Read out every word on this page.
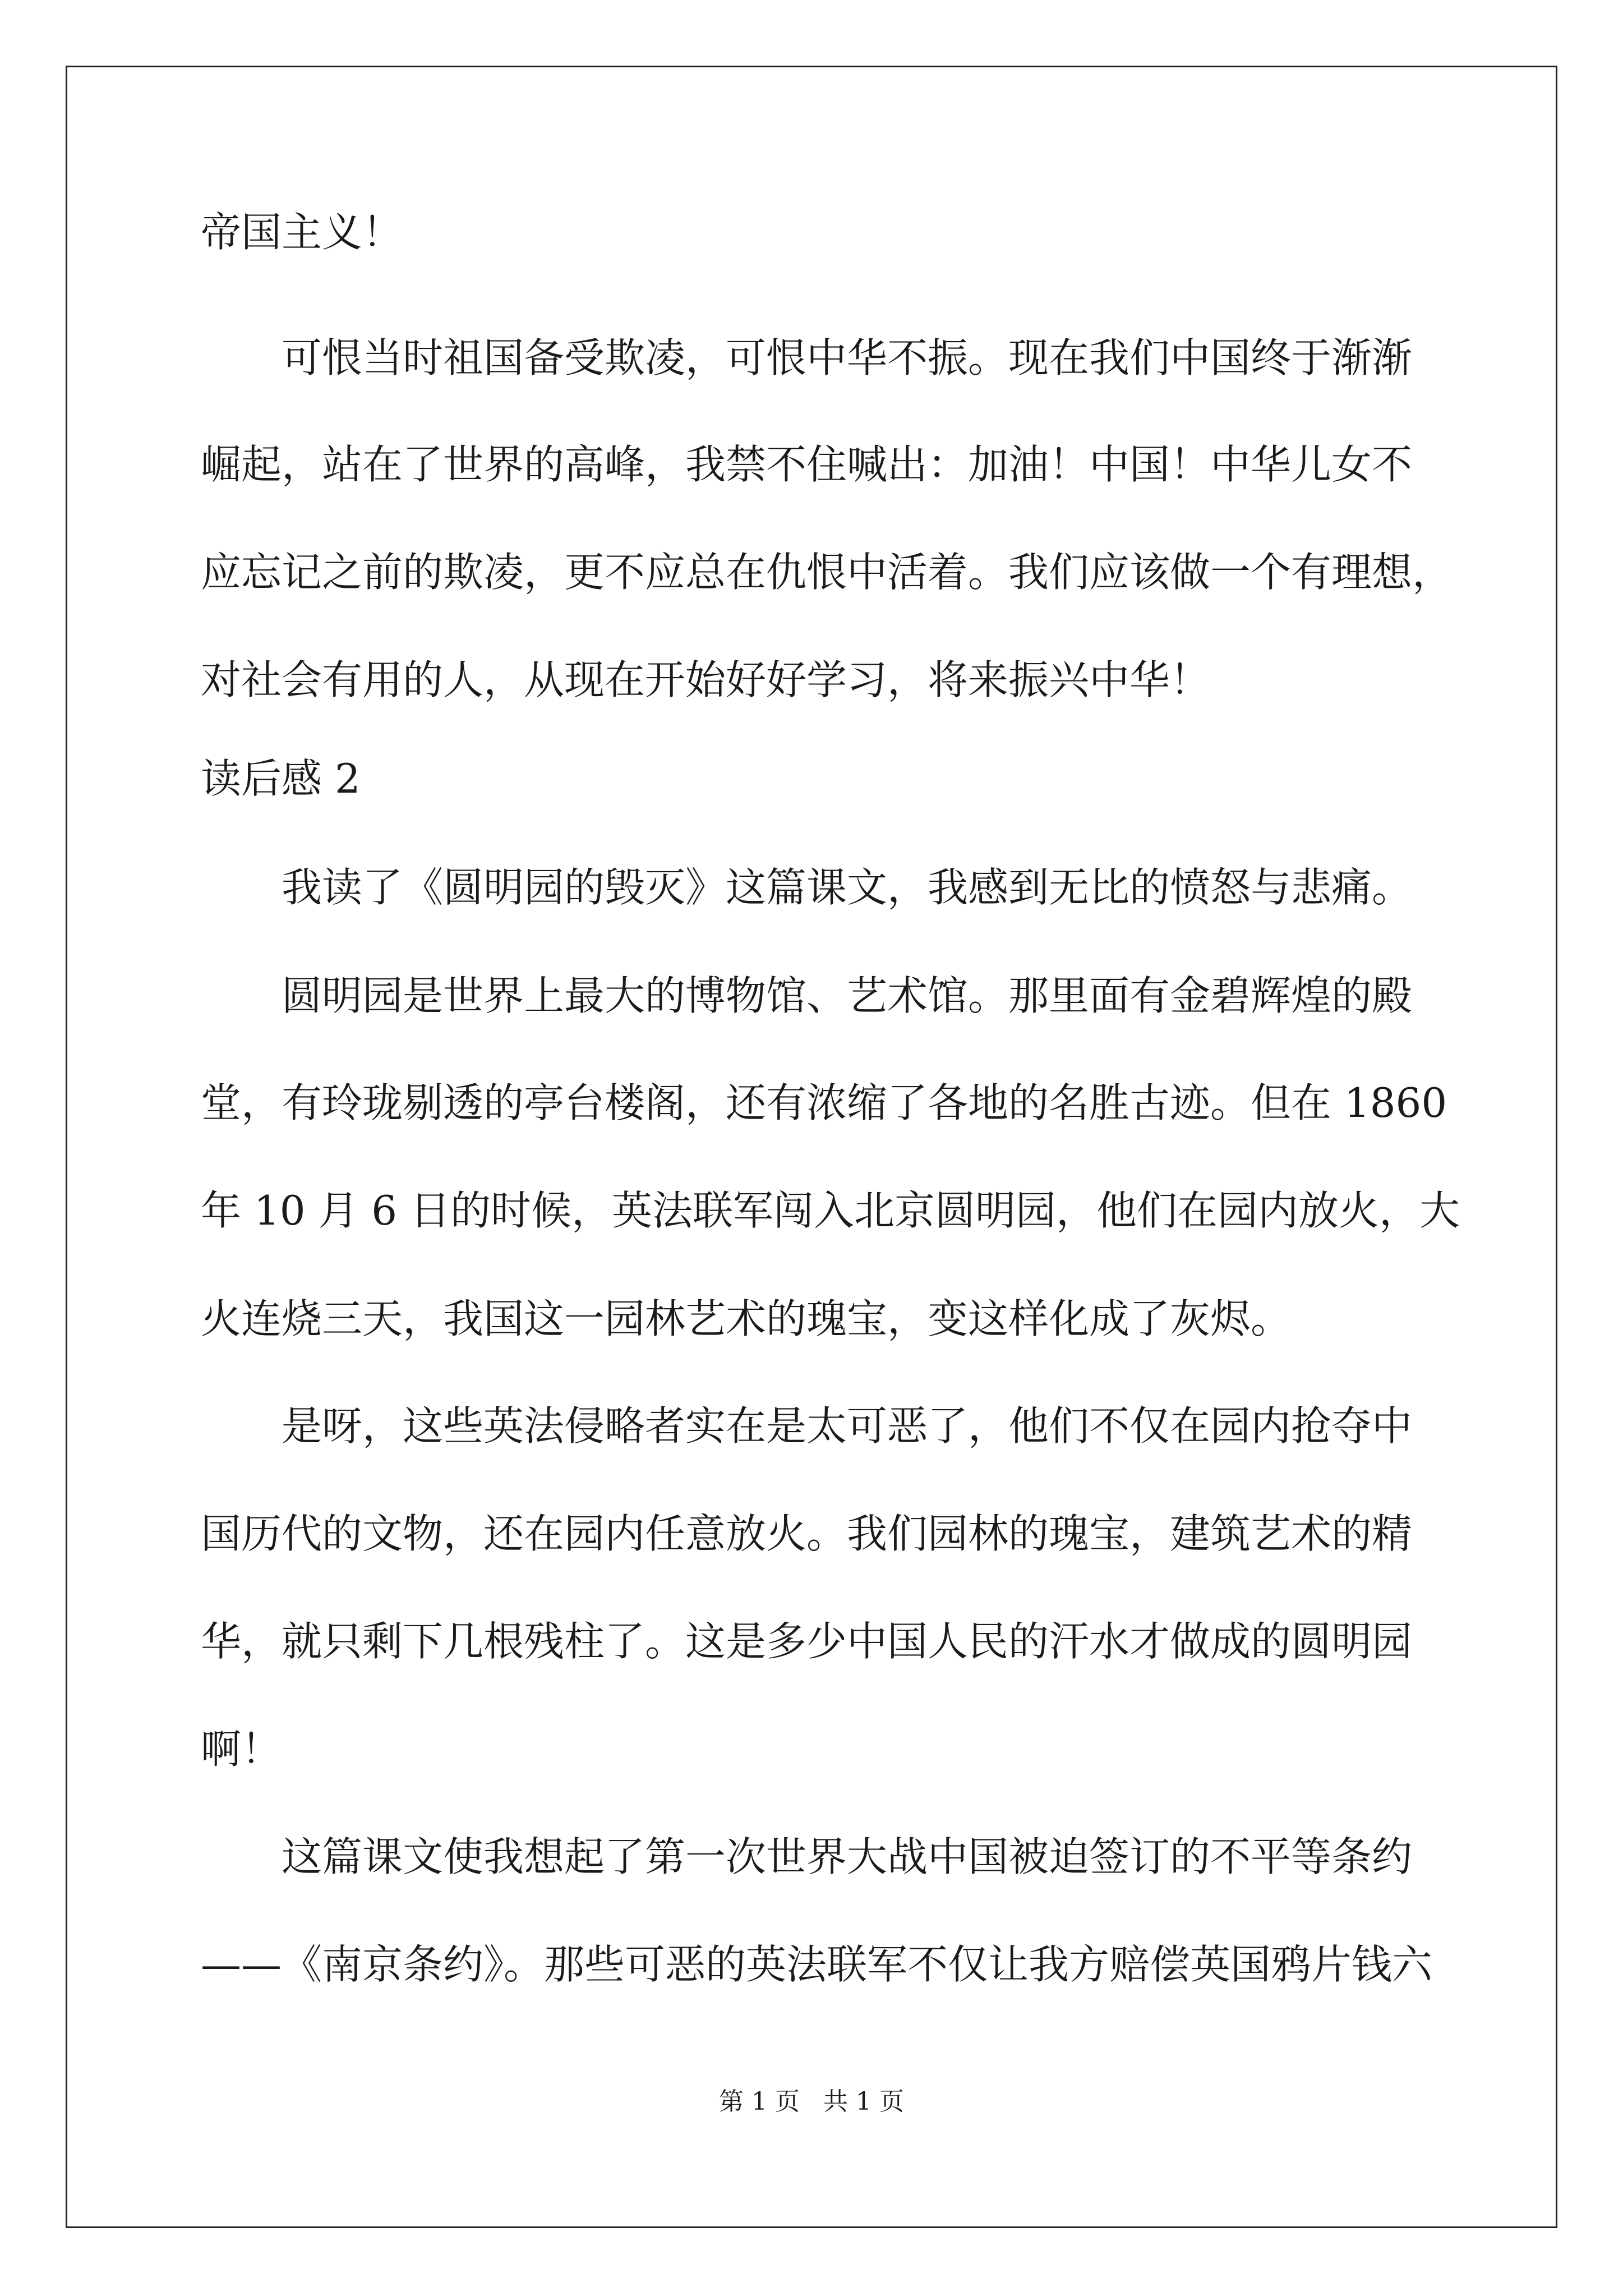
帝国主义！
可恨当时祖国备受欺凌，可恨中华不振。现在我们中国终于渐渐
崛起，站在了世界的高峰，我禁不住喊出：加油！中国！中华儿女不
应忘记之前的欺凌，更不应总在仇恨中活着。我们应该做一个有理想，
对社会有用的人，从现在开始好好学习，将来振兴中华！
读后感 2
我读了《圆明园的毁灭》这篇课文，我感到无比的愤怒与悲痛。
圆明园是世界上最大的博物馆、艺术馆。那里面有金碧辉煌的殿
堂，有玲珑剔透的亭台楼阁，还有浓缩了各地的名胜古迹。但在 1860
年 10 月 6 日的时候，英法联军闯入北京圆明园，他们在园内放火，大
火连烧三天，我国这一园林艺术的瑰宝，变这样化成了灰烬。
是呀，这些英法侵略者实在是太可恶了，他们不仅在园内抢夺中
国历代的文物，还在园内任意放火。我们园林的瑰宝，建筑艺术的精
华，就只剩下几根残柱了。这是多少中国人民的汗水才做成的圆明园
啊！
这篇课文使我想起了第一次世界大战中国被迫签订的不平等条约
——《南京条约》。那些可恶的英法联军不仅让我方赔偿英国鸦片钱六
第 1 页   共 1 页
